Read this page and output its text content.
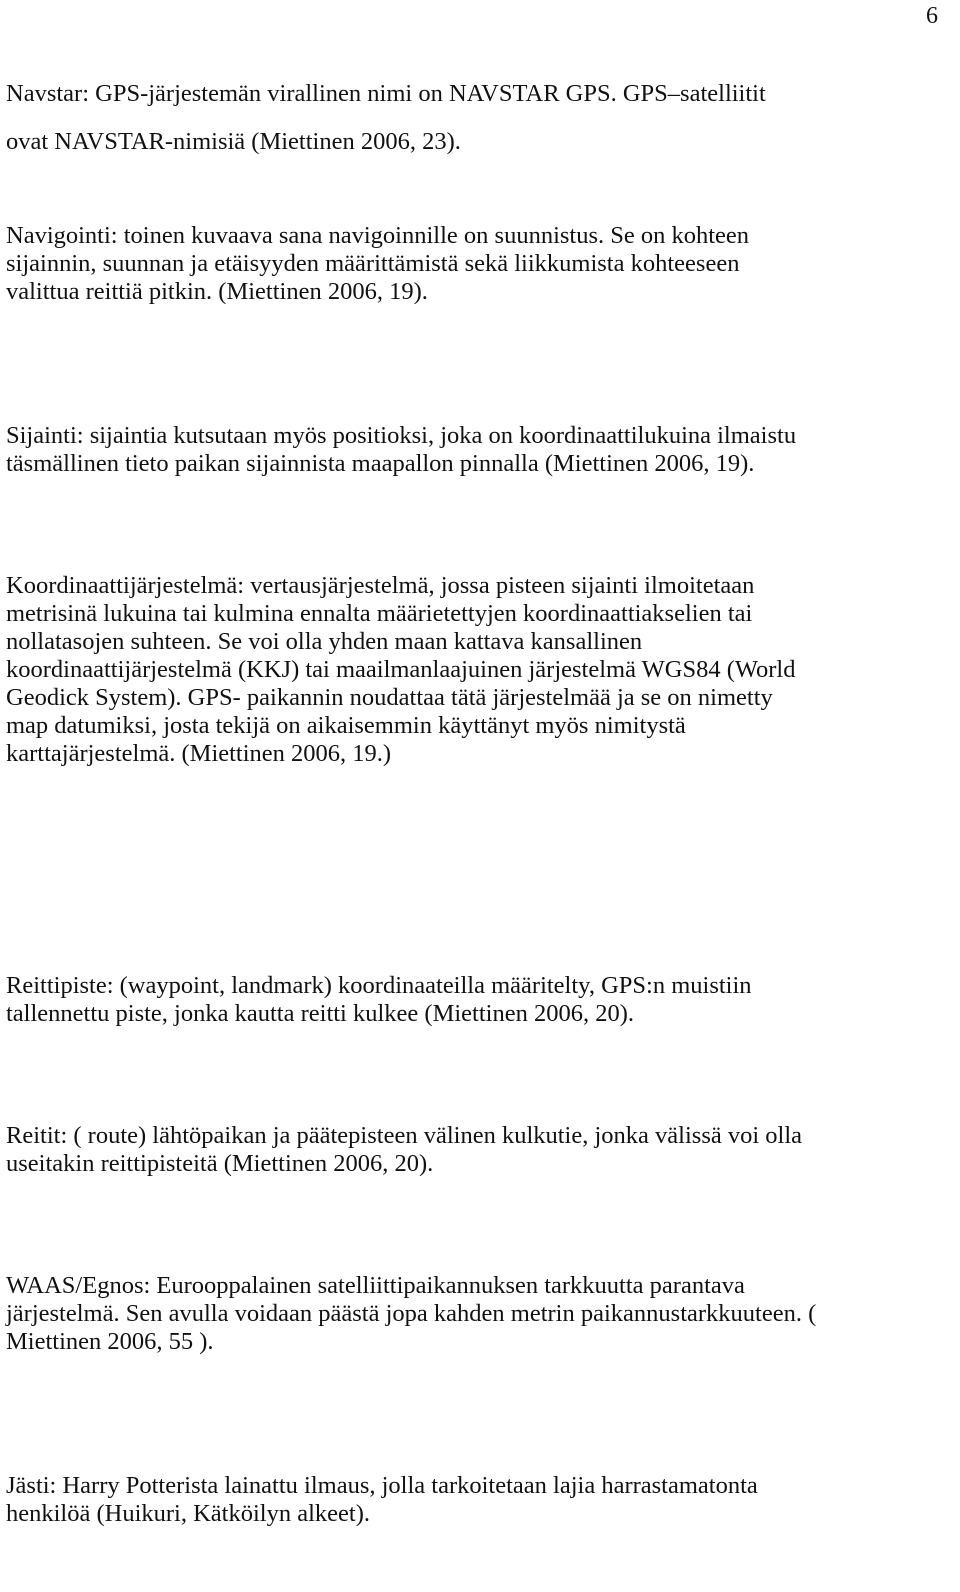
6

Navstar: GPS-järjestemän virallinen nimi on NAVSTAR GPS. GPS–satelliitit
ovat NAVSTAR-nimisiä (Miettinen 2006, 23).

Navigointi: toinen kuvaava sana navigoinnille on suunnistus. Se on kohteen
sijainnin, suunnan ja etäisyyden määrittämistä sekä liikkumista kohteeseen
valittua reittiä pitkin. (Miettinen 2006, 19).

Sijainti: sijaintia kutsutaan myös positioksi, joka on koordinaattilukuina ilmaistu
täsmällinen tieto paikan sijainnista maapallon pinnalla (Miettinen 2006, 19).

Koordinaattijärjestelmä: vertausjärjestelmä, jossa pisteen sijainti ilmoitetaan
metrisinä lukuina tai kulmina ennalta määrietettyjen koordinaattiakselien tai
nollatasojen suhteen. Se voi olla yhden maan kattava kansallinen
koordinaattijärjestelmä (KKJ) tai maailmanlaajuinen järjestelmä WGS84 (World
Geodick System). GPS- paikannin noudattaa tätä järjestelmää ja se on nimetty
map datumiksi, josta tekijä on aikaisemmin käyttänyt myös nimitystä
karttajärjestelmä. (Miettinen 2006, 19.)

Reittipiste: (waypoint, landmark) koordinaateilla määritelty, GPS:n muistiin
tallennettu piste, jonka kautta reitti kulkee (Miettinen 2006, 20).

Reitit: ( route) lähtöpaikan ja päätepisteen välinen kulkutie, jonka välissä voi olla
useitakin reittipisteitä (Miettinen 2006, 20).

WAAS/Egnos: Eurooppalainen satelliittipaikannuksen tarkkuutta parantava
järjestelmä. Sen avulla voidaan päästä jopa kahden metrin paikannustarkkuuteen. (
Miettinen 2006, 55 ).

Jästi: Harry Potterista lainattu ilmaus, jolla tarkoitetaan lajia harrastamatonta
henkilöä (Huikuri, Kätköilyn alkeet).
